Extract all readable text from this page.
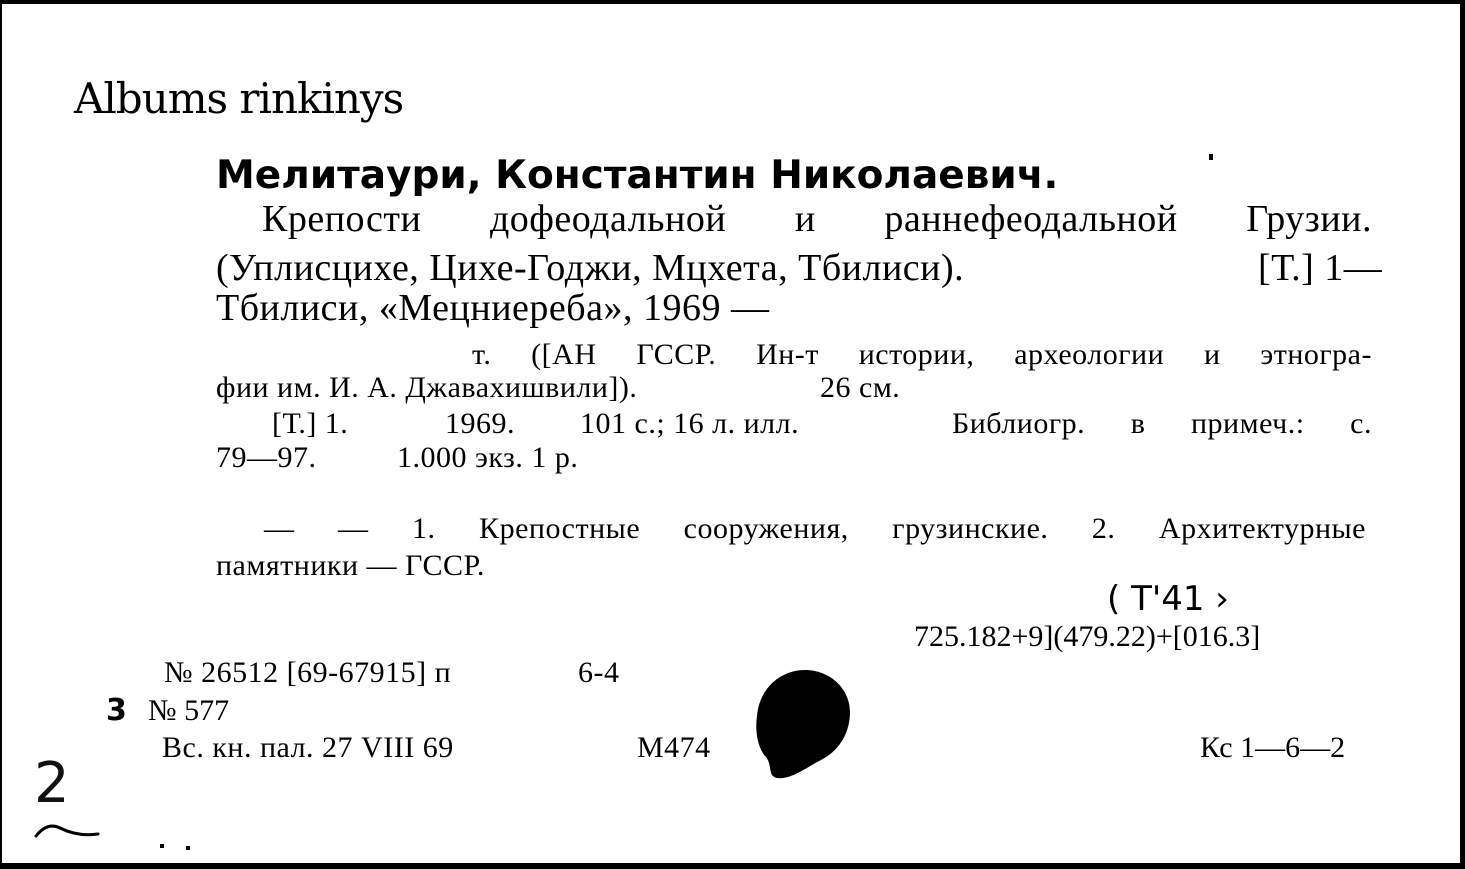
Albums rinkinys
Мелитаури, Константин Николаевич.
Крепости дофеодальной и раннефеодальной Грузии.
(Уплисцихе, Цихе-Годжи, Мцхета, Тбилиси).	[Т.] 1—
Тбилиси, «Мецниереба», 1969 —
т. ([АН ГССР. Ин-т истории, археологии и этногра-
фии им. И. А. Джавахишвили]).	26 см.
[Т.] 1.	1969. 101 с.; 16 л. илл.	Библиогр. в примеч.: с.
79—97.	1.000 экз. 1 р.
— — 1. Крепостные сооружения, грузинские. 2. Архитектурные
памятники — ГССР.
( Т'41 ›
725.182+9](479.22)+[016.3]
№ 26512 [69-67915] п	6-4
3 № 577
Вс. кн. пал. 27 VIII 69	М474	Кс 1—6—2
2
